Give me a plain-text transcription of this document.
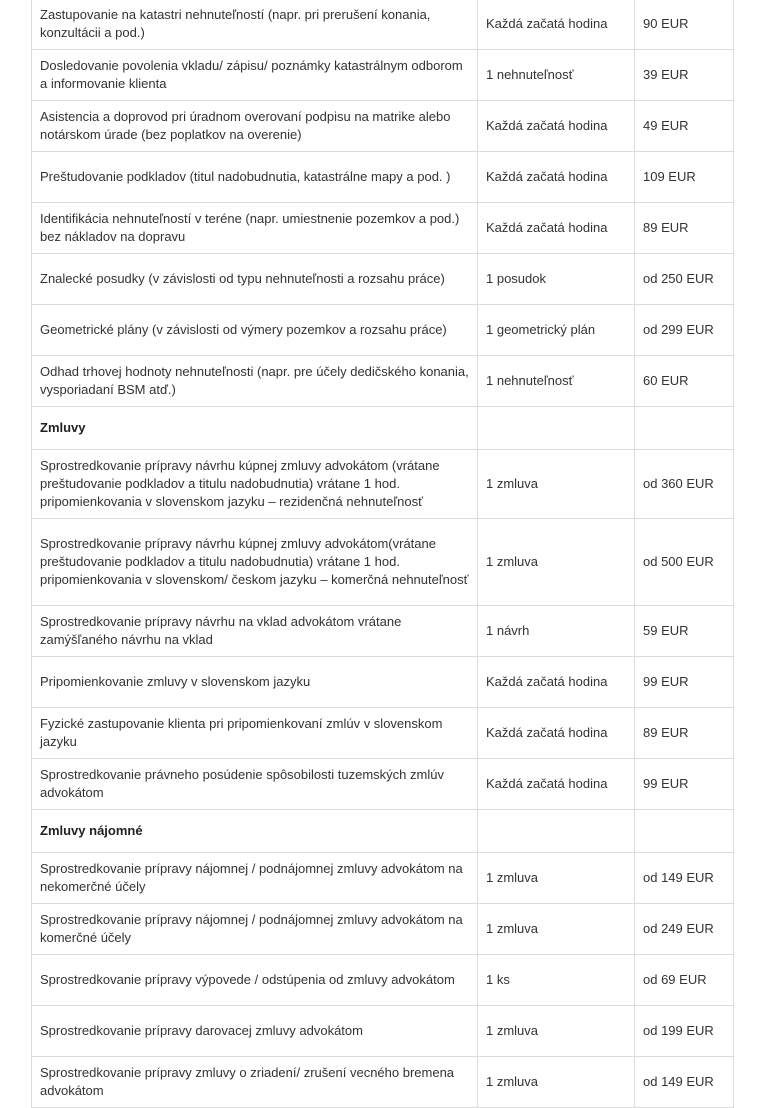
Zastupovanie na katastri nehnuteľností (napr. pri prerušení konania, konzultácii a pod.)	Každá začatá hodina	90 EUR
Dosledovanie povolenia vkladu/ zápisu/ poznámky katastrálnym odborom a informovanie klienta	1 nehnuteľnosť	39 EUR
Asistencia a doprovod pri úradnom overovaní podpisu na matrike alebo notárskom úrade (bez poplatkov na overenie)	Každá začatá hodina	49 EUR
Preštudovanie podkladov (titul nadobudnutia, katastrálne mapy a pod. )	Každá začatá hodina	109 EUR
Identifikácia nehnuteľností v teréne (napr. umiestnenie pozemkov a pod.) bez nákladov na dopravu	Každá začatá hodina	89 EUR
Znalecké posudky (v závislosti od typu nehnuteľnosti a rozsahu práce)	1 posudok	od 250 EUR
Geometrické plány (v závislosti od výmery pozemkov a rozsahu práce)	1 geometrický plán	od 299 EUR
Odhad trhovej hodnoty nehnuteľnosti (napr. pre účely dedičského konania, vysporiadaní BSM atď.)	1 nehnuteľnosť	60 EUR
Zmluvy		
Sprostredkovanie prípravy návrhu kúpnej zmluvy advokátom (vrátane preštudovanie podkladov a titulu nadobudnutia) vrátane 1 hod. pripomienkovania v slovenskom jazyku – rezidenčná nehnuteľnosť	1 zmluva	od 360 EUR
Sprostredkovanie prípravy návrhu kúpnej zmluvy advokátom(vrátane preštudovanie podkladov a titulu nadobudnutia) vrátane 1 hod. pripomienkovania v slovenskom/ českom jazyku – komerčná nehnuteľnosť	1 zmluva	od 500 EUR
Sprostredkovanie prípravy návrhu na vklad advokátom vrátane zamýšľaného návrhu na vklad	1 návrh	59 EUR
Pripomienkovanie zmluvy v slovenskom jazyku	Každá začatá hodina	99 EUR
Fyzické zastupovanie klienta pri pripomienkovaní zmlúv v slovenskom jazyku	Každá začatá hodina	89 EUR
Sprostredkovanie právneho posúdenie spôsobilosti tuzemských zmlúv advokátom	Každá začatá hodina	99 EUR
Zmluvy nájomné		
Sprostredkovanie prípravy nájomnej / podnájomnej zmluvy advokátom na nekomerčné účely	1 zmluva	od 149 EUR
Sprostredkovanie prípravy nájomnej / podnájomnej zmluvy advokátom na komerčné účely	1 zmluva	od 249 EUR
Sprostredkovanie prípravy výpovede / odstúpenia od zmluvy advokátom	1 ks	od 69 EUR
Sprostredkovanie prípravy darovacej zmluvy advokátom	1 zmluva	od 199 EUR
Sprostredkovanie prípravy zmluvy o zriadení/ zrušení vecného bremena advokátom	1 zmluva	od 149 EUR
